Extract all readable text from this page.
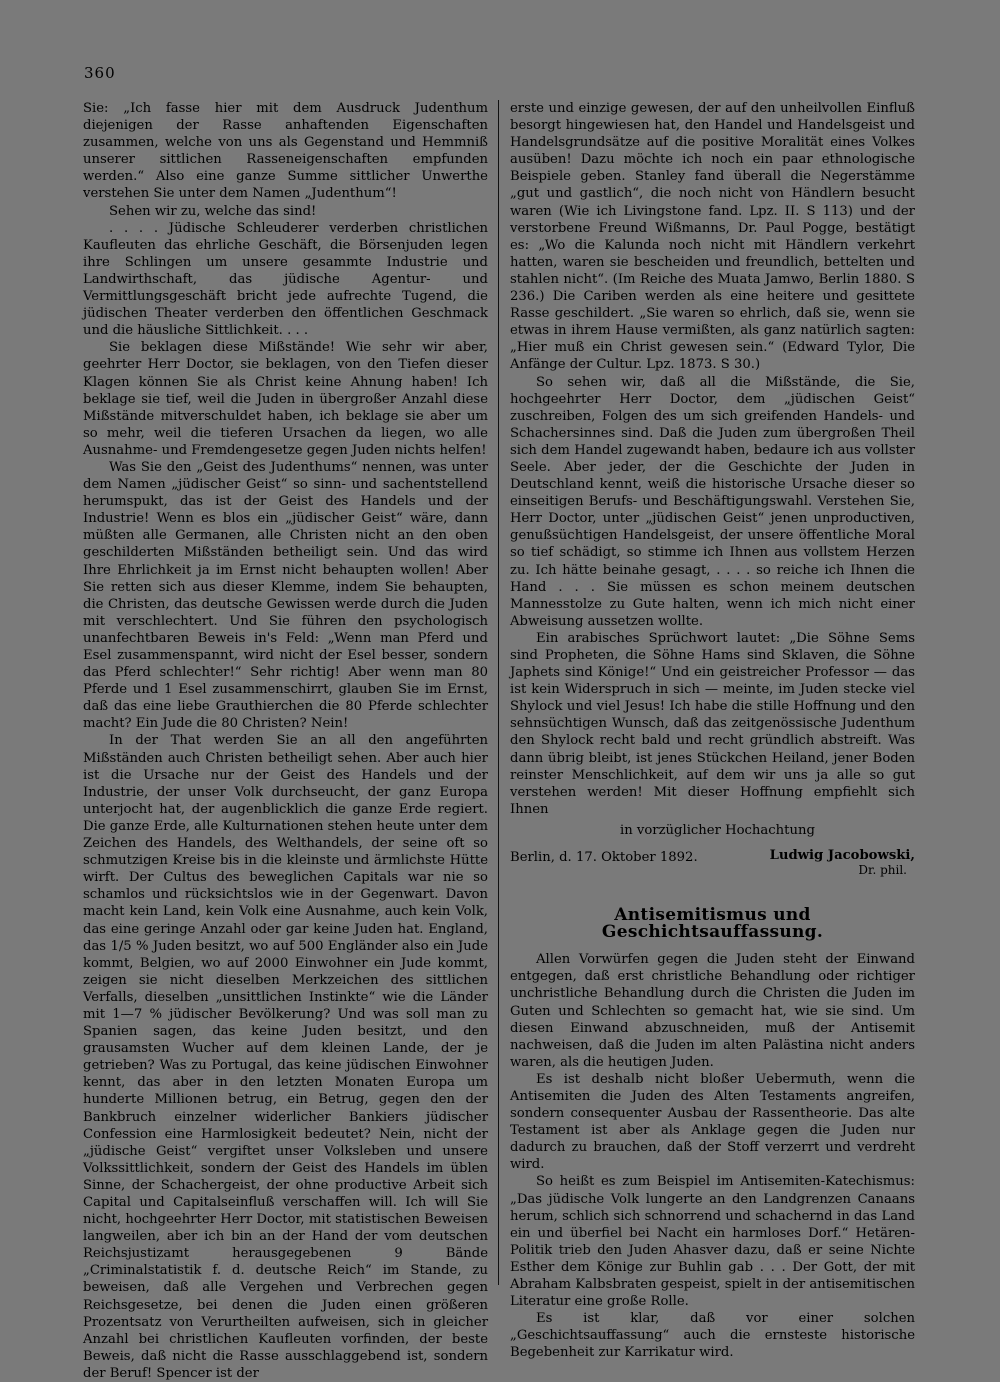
360

Sie: „Ich fasse hier mit dem Ausdruck Judenthum diejenigen der Rasse anhaftenden Eigenschaften zusammen, welche von uns als Gegenstand und Hemmniß unserer sittlichen Rasseneigenschaften empfunden werden.“ Also eine ganze Summe sittlicher Unwerthe verstehen Sie unter dem Namen „Judenthum“!

Sehen wir zu, welche das sind!

. . . . Jüdische Schleuderer verderben christlichen Kaufleuten das ehrliche Geschäft, die Börsenjuden legen ihre Schlingen um unsere gesammte Industrie und Landwirthschaft, das jüdische Agentur- und Vermittlungsgeschäft bricht jede aufrechte Tugend, die jüdischen Theater verderben den öffentlichen Geschmack und die häusliche Sittlichkeit. . . .

Sie beklagen diese Mißstände! Wie sehr wir aber, geehrter Herr Doctor, sie beklagen, von den Tiefen dieser Klagen können Sie als Christ keine Ahnung haben! Ich beklage sie tief, weil die Juden in übergroßer Anzahl diese Mißstände mitverschuldet haben, ich beklage sie aber um so mehr, weil die tieferen Ursachen da liegen, wo alle Ausnahme- und Fremdengesetze gegen Juden nichts helfen!

Was Sie den „Geist des Judenthums“ nennen, was unter dem Namen „jüdischer Geist“ so sinn- und sachentstellend herumspukt, das ist der Geist des Handels und der Industrie! Wenn es blos ein „jüdischer Geist“ wäre, dann müßten alle Germanen, alle Christen nicht an den oben geschilderten Mißständen betheiligt sein. Und das wird Ihre Ehrlichkeit ja im Ernst nicht behaupten wollen! Aber Sie retten sich aus dieser Klemme, indem Sie behaupten, die Christen, das deutsche Gewissen werde durch die Juden mit verschlechtert. Und Sie führen den psychologisch unanfechtbaren Beweis in's Feld: „Wenn man Pferd und Esel zusammenspannt, wird nicht der Esel besser, sondern das Pferd schlechter!“ Sehr richtig! Aber wenn man 80 Pferde und 1 Esel zusammenschirrt, glauben Sie im Ernst, daß das eine liebe Grauthierchen die 80 Pferde schlechter macht? Ein Jude die 80 Christen? Nein!

In der That werden Sie an all den angeführten Mißständen auch Christen betheiligt sehen. Aber auch hier ist die Ursache nur der Geist des Handels und der Industrie, der unser Volk durchseucht, der ganz Europa unterjocht hat, der augenblicklich die ganze Erde regiert. Die ganze Erde, alle Kulturnationen stehen heute unter dem Zeichen des Handels, des Welthandels, der seine oft so schmutzigen Kreise bis in die kleinste und ärmlichste Hütte wirft. Der Cultus des beweglichen Capitals war nie so schamlos und rücksichtslos wie in der Gegenwart. Davon macht kein Land, kein Volk eine Ausnahme, auch kein Volk, das eine geringe Anzahl oder gar keine Juden hat. England, das 1/5 % Juden besitzt, wo auf 500 Engländer also ein Jude kommt, Belgien, wo auf 2000 Einwohner ein Jude kommt, zeigen sie nicht dieselben Merkzeichen des sittlichen Verfalls, dieselben „unsittlichen Instinkte“ wie die Länder mit 1—7 % jüdischer Bevölkerung? Und was soll man zu Spanien sagen, das keine Juden besitzt, und den grausamsten Wucher auf dem kleinen Lande, der je getrieben? Was zu Portugal, das keine jüdischen Einwohner kennt, das aber in den letzten Monaten Europa um hunderte Millionen betrug, ein Betrug, gegen den der Bankbruch einzelner widerlicher Bankiers jüdischer Confession eine Harmlosigkeit bedeutet? Nein, nicht der „jüdische Geist“ vergiftet unser Volksleben und unsere Volkssittlichkeit, sondern der Geist des Handels im üblen Sinne, der Schachergeist, der ohne productive Arbeit sich Capital und Capitalseinfluß verschaffen will. Ich will Sie nicht, hochgeehrter Herr Doctor, mit statistischen Beweisen langweilen, aber ich bin an der Hand der vom deutschen Reichsjustizamt herausgegebenen 9 Bände „Criminalstatistik f. d. deutsche Reich“ im Stande, zu beweisen, daß alle Vergehen und Verbrechen gegen Reichsgesetze, bei denen die Juden einen größeren Prozentsatz von Verurtheilten aufweisen, sich in gleicher Anzahl bei christlichen Kaufleuten vorfinden, der beste Beweis, daß nicht die Rasse ausschlaggebend ist, sondern der Beruf! Spencer ist der

erste und einzige gewesen, der auf den unheilvollen Einfluß besorgt hingewiesen hat, den Handel und Handelsgeist und Handelsgrundsätze auf die positive Moralität eines Volkes ausüben! Dazu möchte ich noch ein paar ethnologische Beispiele geben. Stanley fand überall die Negerstämme „gut und gastlich“, die noch nicht von Händlern besucht waren (Wie ich Livingstone fand. Lpz. II. S 113) und der verstorbene Freund Wißmanns, Dr. Paul Pogge, bestätigt es: „Wo die Kalunda noch nicht mit Händlern verkehrt hatten, waren sie bescheiden und freundlich, bettelten und stahlen nicht“. (Im Reiche des Muata Jamwo, Berlin 1880. S 236.) Die Cariben werden als eine heitere und gesittete Rasse geschildert. „Sie waren so ehrlich, daß sie, wenn sie etwas in ihrem Hause vermißten, als ganz natürlich sagten: „Hier muß ein Christ gewesen sein.“ (Edward Tylor, Die Anfänge der Cultur. Lpz. 1873. S 30.)

So sehen wir, daß all die Mißstände, die Sie, hochgeehrter Herr Doctor, dem „jüdischen Geist“ zuschreiben, Folgen des um sich greifenden Handels- und Schachersinnes sind. Daß die Juden zum übergroßen Theil sich dem Handel zugewandt haben, bedaure ich aus vollster Seele. Aber jeder, der die Geschichte der Juden in Deutschland kennt, weiß die historische Ursache dieser so einseitigen Berufs- und Beschäftigungswahl. Verstehen Sie, Herr Doctor, unter „jüdischen Geist“ jenen unproductiven, genußsüchtigen Handelsgeist, der unsere öffentliche Moral so tief schädigt, so stimme ich Ihnen aus vollstem Herzen zu. Ich hätte beinahe gesagt, . . . . so reiche ich Ihnen die Hand . . . Sie müssen es schon meinem deutschen Mannesstolze zu Gute halten, wenn ich mich nicht einer Abweisung aussetzen wollte.

Ein arabisches Sprüchwort lautet: „Die Söhne Sems sind Propheten, die Söhne Hams sind Sklaven, die Söhne Japhets sind Könige!“ Und ein geistreicher Professor — das ist kein Widerspruch in sich — meinte, im Juden stecke viel Shylock und viel Jesus! Ich habe die stille Hoffnung und den sehnsüchtigen Wunsch, daß das zeitgenössische Judenthum den Shylock recht bald und recht gründlich abstreift. Was dann übrig bleibt, ist jenes Stückchen Heiland, jener Boden reinster Menschlichkeit, auf dem wir uns ja alle so gut verstehen werden! Mit dieser Hoffnung empfiehlt sich Ihnen

in vorzüglicher Hochachtung

Berlin, d. 17. Oktober 1892.	Ludwig Jacobowski,
Dr. phil.

Antisemitismus und Geschichtsauffassung.

Allen Vorwürfen gegen die Juden steht der Einwand entgegen, daß erst christliche Behandlung oder richtiger unchristliche Behandlung durch die Christen die Juden im Guten und Schlechten so gemacht hat, wie sie sind. Um diesen Einwand abzuschneiden, muß der Antisemit nachweisen, daß die Juden im alten Palästina nicht anders waren, als die heutigen Juden.

Es ist deshalb nicht bloßer Uebermuth, wenn die Antisemiten die Juden des Alten Testaments angreifen, sondern consequenter Ausbau der Rassentheorie. Das alte Testament ist aber als Anklage gegen die Juden nur dadurch zu brauchen, daß der Stoff verzerrt und verdreht wird.

So heißt es zum Beispiel im Antisemiten-Katechismus: „Das jüdische Volk lungerte an den Landgrenzen Canaans herum, schlich sich schnorrend und schachernd in das Land ein und überfiel bei Nacht ein harmloses Dorf.“ Hetären-Politik trieb den Juden Ahasver dazu, daß er seine Nichte Esther dem Könige zur Buhlin gab . . . Der Gott, der mit Abraham Kalbsbraten gespeist, spielt in der antisemitischen Literatur eine große Rolle.

Es ist klar, daß vor einer solchen „Geschichtsauffassung“ auch die ernsteste historische Begebenheit zur Karrikatur wird.
